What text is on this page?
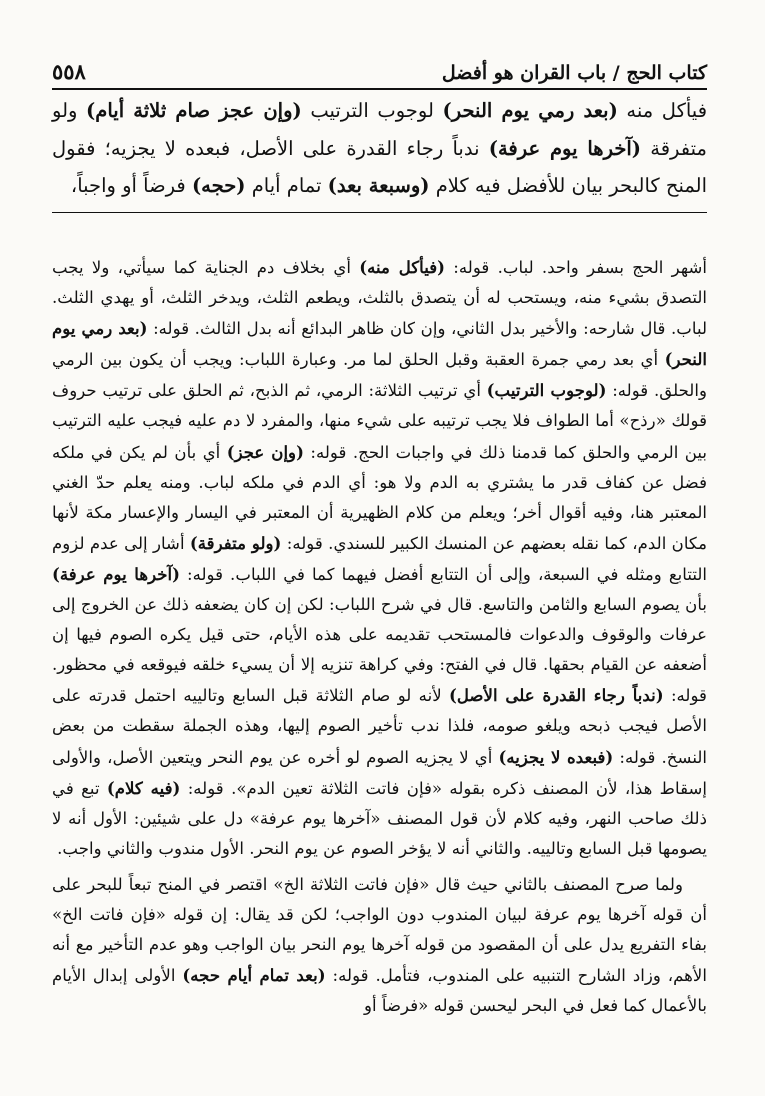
٥٥٨	كتاب الحج / باب القران هو أفضل

فيأكل منه (بعد رمي يوم النحر) لوجوب الترتيب (وإن عجز صام ثلاثة أيام) ولو متفرقة (آخرها يوم عرفة) ندباً رجاء القدرة على الأصل، فبعده لا يجزيه؛ فقول المنح كالبحر بيان للأفضل فيه كلام (وسبعة بعد) تمام أيام (حجه) فرضاً أو واجباً،

أشهر الحج بسفر واحد. لباب. قوله: (فيأكل منه) أي بخلاف دم الجناية كما سيأتي، ولا يجب التصدق بشيء منه، ويستحب له أن يتصدق بالثلث، ويطعم الثلث، ويدخر الثلث، أو يهدي الثلث. لباب. قال شارحه: والأخير بدل الثاني، وإن كان ظاهر البدائع أنه بدل الثالث. قوله: (بعد رمي يوم النحر) أي بعد رمي جمرة العقبة وقبل الحلق لما مر. وعبارة اللباب: ويجب أن يكون بين الرمي والحلق. قوله: (لوجوب الترتيب) أي ترتيب الثلاثة: الرمي، ثم الذبح، ثم الحلق على ترتيب حروف قولك «رذح» أما الطواف فلا يجب ترتيبه على شيء منها، والمفرد لا دم عليه فيجب عليه الترتيب بين الرمي والحلق كما قدمنا ذلك في واجبات الحج. قوله: (وإن عجز) أي بأن لم يكن في ملكه فضل عن كفاف قدر ما يشتري به الدم ولا هو: أي الدم في ملكه لباب. ومنه يعلم حدّ الغني المعتبر هنا، وفيه أقوال أخر؛ ويعلم من كلام الظهيرية أن المعتبر في اليسار والإعسار مكة لأنها مكان الدم، كما نقله بعضهم عن المنسك الكبير للسندي. قوله: (ولو متفرقة) أشار إلى عدم لزوم التتابع ومثله في السبعة، وإلى أن التتابع أفضل فيهما كما في اللباب. قوله: (آخرها يوم عرفة) بأن يصوم السابع والثامن والتاسع. قال في شرح اللباب: لكن إن كان يضعفه ذلك عن الخروج إلى عرفات والوقوف والدعوات فالمستحب تقديمه على هذه الأيام، حتى قيل يكره الصوم فيها إن أضعفه عن القيام بحقها. قال في الفتح: وفي كراهة تنزيه إلا أن يسيء خلقه فيوقعه في محظور. قوله: (ندباً رجاء القدرة على الأصل) لأنه لو صام الثلاثة قبل السابع وتالييه احتمل قدرته على الأصل فيجب ذبحه ويلغو صومه، فلذا ندب تأخير الصوم إليها، وهذه الجملة سقطت من بعض النسخ. قوله: (فبعده لا يجزيه) أي لا يجزيه الصوم لو أخره عن يوم النحر ويتعين الأصل، والأولى إسقاط هذا، لأن المصنف ذكره بقوله «فإن فاتت الثلاثة تعين الدم». قوله: (فيه كلام) تبع في ذلك صاحب النهر، وفيه كلام لأن قول المصنف «آخرها يوم عرفة» دل على شيئين: الأول أنه لا يصومها قبل السابع وتالييه. والثاني أنه لا يؤخر الصوم عن يوم النحر. الأول مندوب والثاني واجب.

ولما صرح المصنف بالثاني حيث قال «فإن فاتت الثلاثة الخ» اقتصر في المنح تبعاً للبحر على أن قوله آخرها يوم عرفة لبيان المندوب دون الواجب؛ لكن قد يقال: إن قوله «فإن فاتت الخ» بفاء التفريع يدل على أن المقصود من قوله آخرها يوم النحر بيان الواجب وهو عدم التأخير مع أنه الأهم، وزاد الشارح التنبيه على المندوب، فتأمل. قوله: (بعد تمام أيام حجه) الأولى إبدال الأيام بالأعمال كما فعل في البحر ليحسن قوله «فرضاً أو
